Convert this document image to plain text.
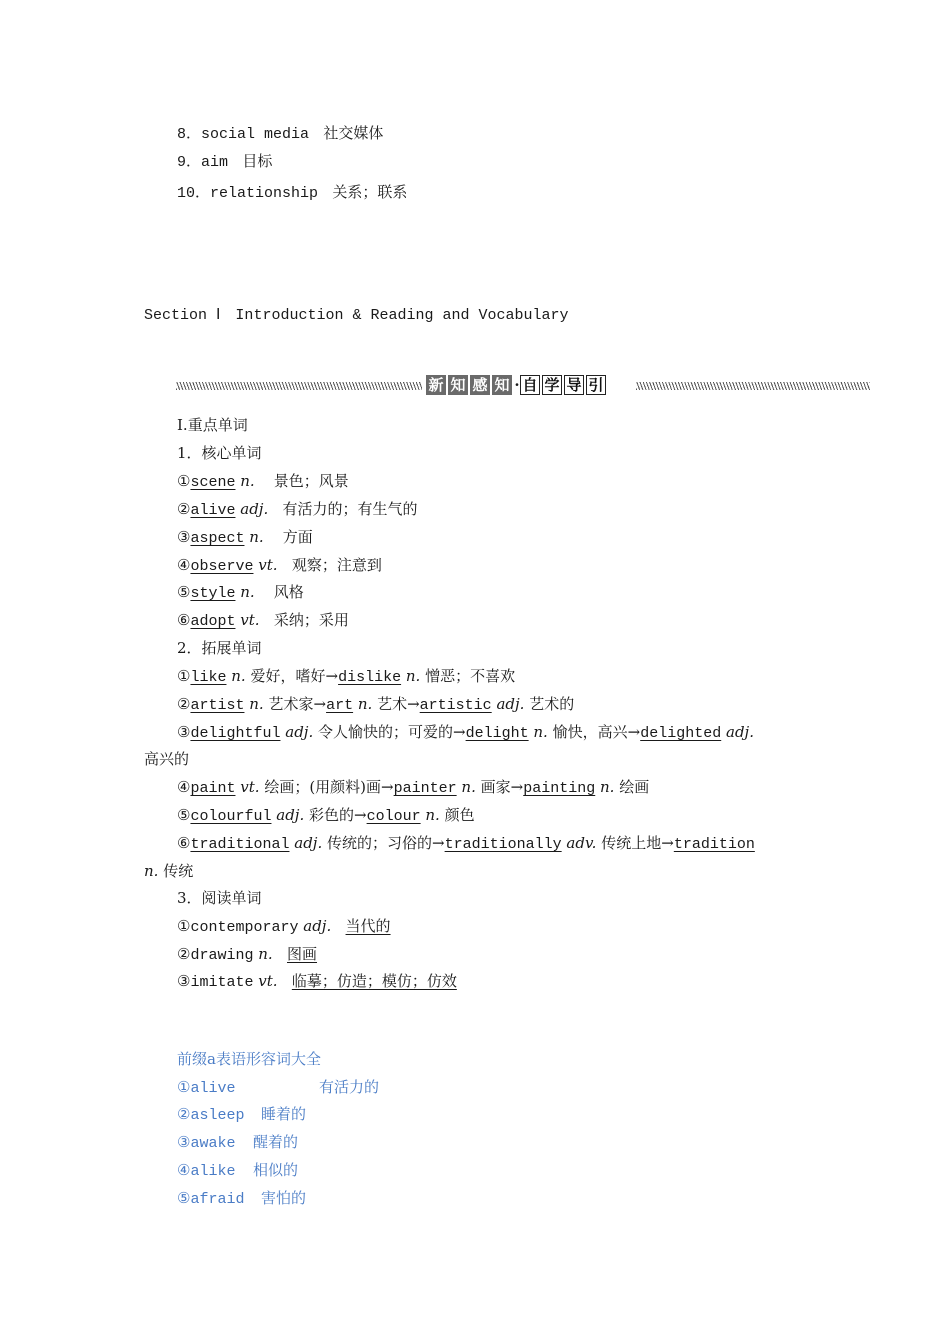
8．social media 社交媒体
9．aim 目标
10．relationship 关系；联系
Section Ⅰ　Introduction & Reading and Vocabulary
新 知 感 知 · 自 学 导 引
Ⅰ.重点单词
1．核心单词
①scene n. 景色；风景
②alive adj. 有活力的；有生气的
③aspect n. 方面
④observe vt. 观察；注意到
⑤style n. 风格
⑥adopt vt. 采纳；采用
2．拓展单词
①like n. 爱好，嗜好→dislike n. 憎恶；不喜欢
②artist n. 艺术家→art n. 艺术→artistic adj. 艺术的
③delightful adj. 令人愉快的；可爱的→delight n. 愉快，高兴→delighted adj.
高兴的
④paint vt. 绘画；(用颜料)画→painter n. 画家→painting n. 绘画
⑤colourful adj. 彩色的→colour n. 颜色
⑥traditional adj. 传统的；习俗的→traditionally adv. 传统上地→tradition
n. 传统
3．阅读单词
①contemporary adj. 当代的
②drawing n. 图画
③imitate vt. 临摹；仿造；模仿；仿效
前缀a表语形容词大全
①alive	有活力的
②asleep 睡着的
③awake 醒着的
④alike 相似的
⑤afraid 害怕的
